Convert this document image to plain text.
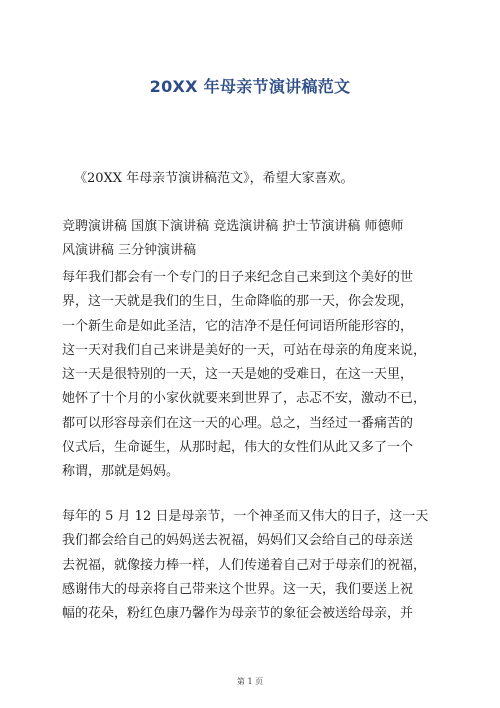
20XX 年母亲节演讲稿范文
《20XX 年母亲节演讲稿范文》，希望大家喜欢。
竞聘演讲稿 国旗下演讲稿 竞选演讲稿 护士节演讲稿 师德师
风演讲稿 三分钟演讲稿
每年我们都会有一个专门的日子来纪念自己来到这个美好的世
界，这一天就是我们的生日，生命降临的那一天，你会发现，
一个新生命是如此圣洁，它的洁净不是任何词语所能形容的，
这一天对我们自己来讲是美好的一天，可站在母亲的角度来说，
这一天是很特别的一天，这一天是她的受难日，在这一天里，
她怀了十个月的小家伙就要来到世界了，忐忑不安，激动不已，
都可以形容母亲们在这一天的心理。总之，当经过一番痛苦的
仪式后，生命诞生，从那时起，伟大的女性们从此又多了一个
称谓，那就是妈妈。
每年的 5 月 12 日是母亲节，一个神圣而又伟大的日子，这一天
我们都会给自己的妈妈送去祝福，妈妈们又会给自己的母亲送
去祝福，就像接力棒一样，人们传递着自己对于母亲们的祝福，
感谢伟大的母亲将自己带来这个世界。这一天，我们要送上祝
幅的花朵，粉红色康乃馨作为母亲节的象征会被送给母亲，并
第 1 页
